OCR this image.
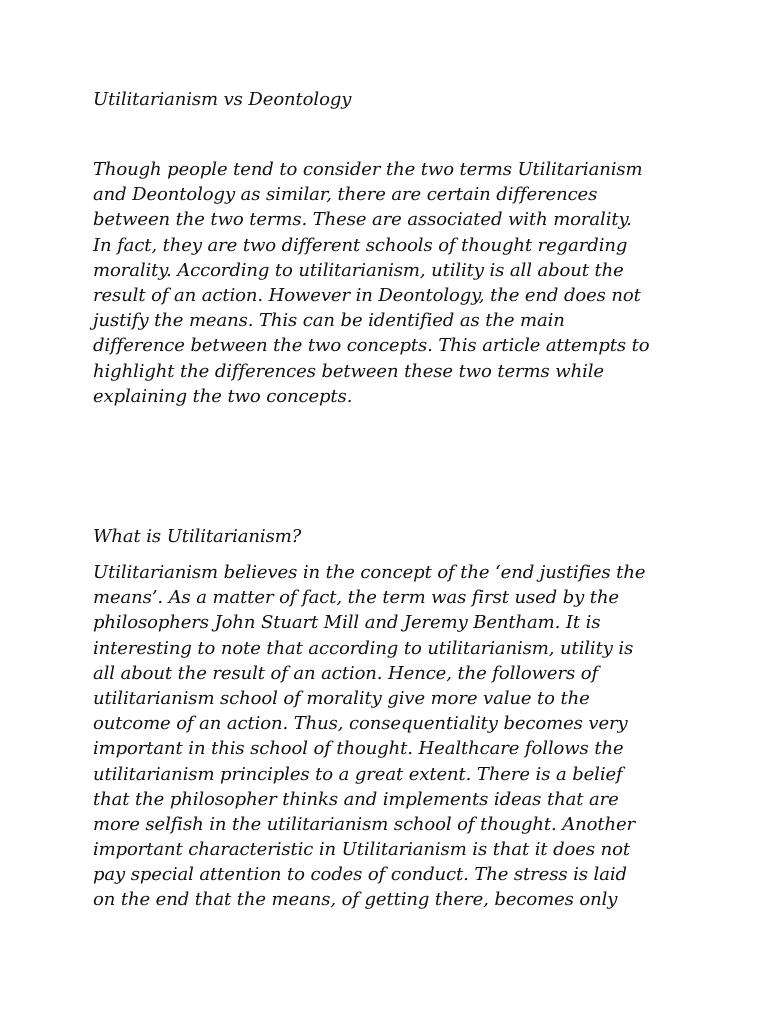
Utilitarianism vs Deontology
Though people tend to consider the two terms Utilitarianism
and Deontology as similar, there are certain differences
between the two terms. These are associated with morality.
In fact, they are two different schools of thought regarding
morality. According to utilitarianism, utility is all about the
result of an action. However in Deontology, the end does not
justify the means. This can be identified as the main
difference between the two concepts. This article attempts to
highlight the differences between these two terms while
explaining the two concepts.
What is Utilitarianism?
Utilitarianism believes in the concept of the ‘end justifies the
means’. As a matter of fact, the term was first used by the
philosophers John Stuart Mill and Jeremy Bentham. It is
interesting to note that according to utilitarianism, utility is
all about the result of an action. Hence, the followers of
utilitarianism school of morality give more value to the
outcome of an action. Thus, consequentiality becomes very
important in this school of thought. Healthcare follows the
utilitarianism principles to a great extent. There is a belief
that the philosopher thinks and implements ideas that are
more selfish in the utilitarianism school of thought. Another
important characteristic in Utilitarianism is that it does not
pay special attention to codes of conduct. The stress is laid
on the end that the means, of getting there, becomes only
